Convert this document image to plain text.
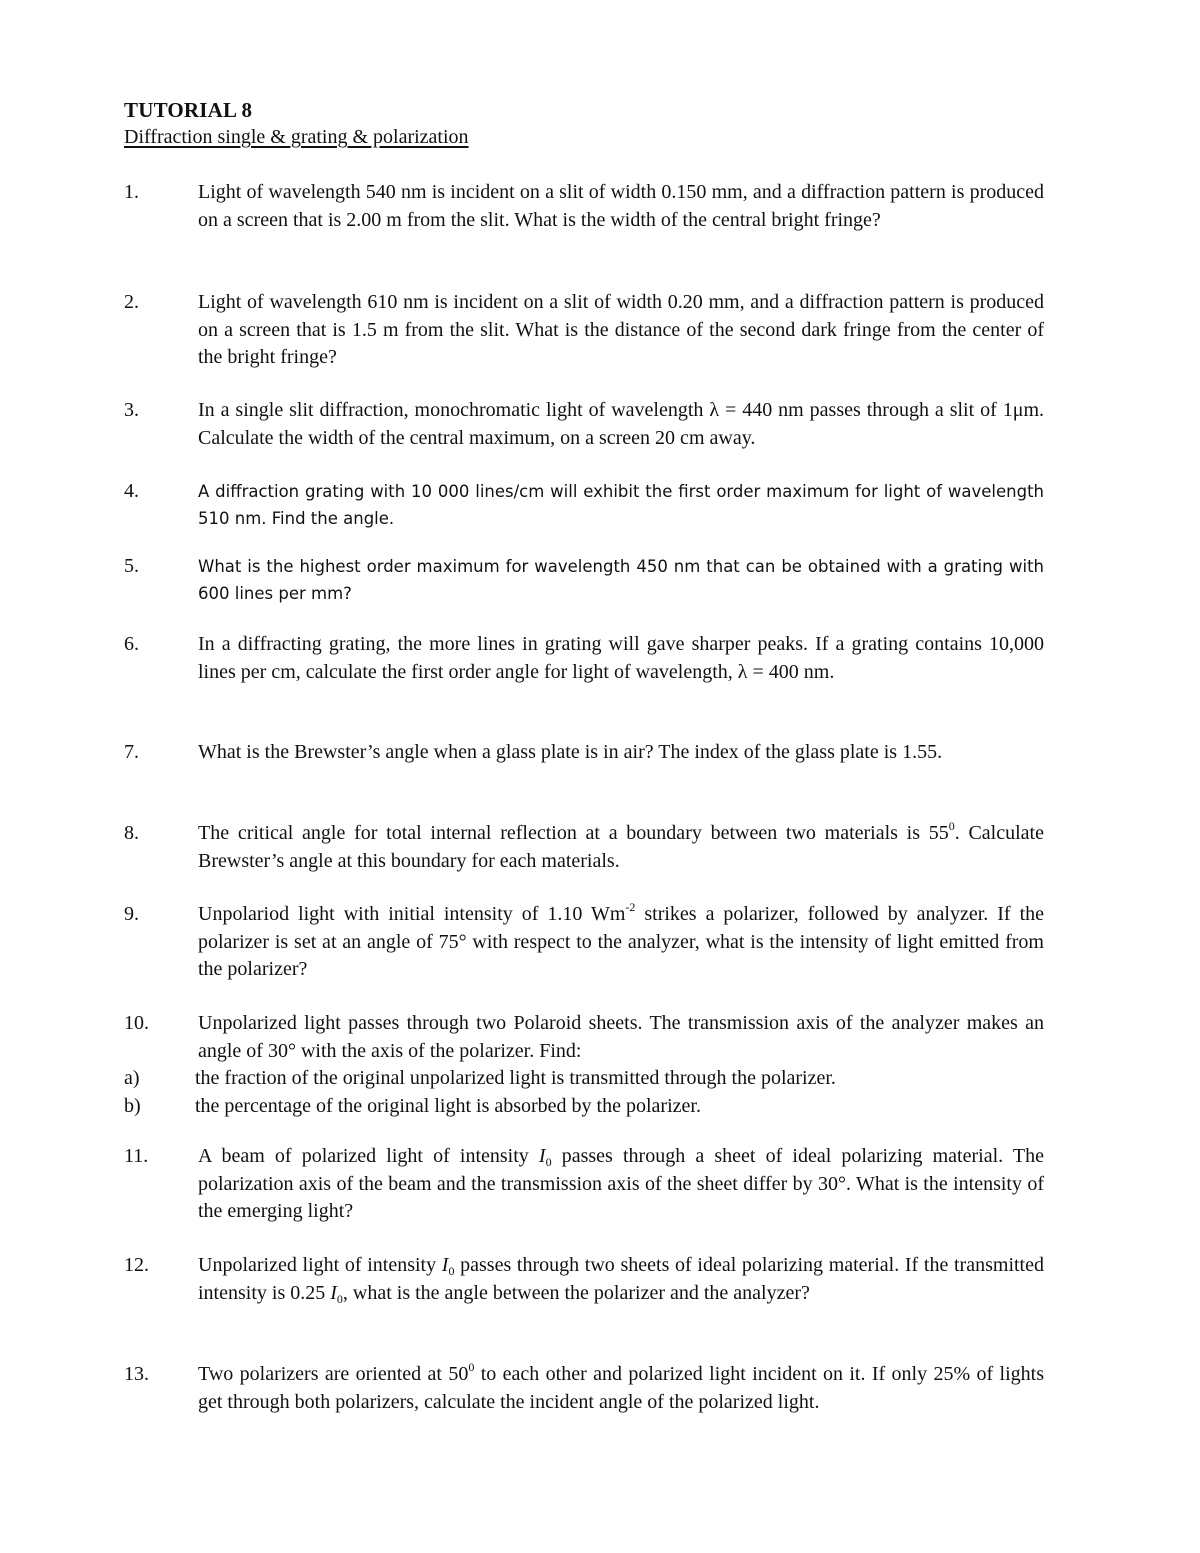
TUTORIAL 8
Diffraction single & grating & polarization
1.	Light of wavelength 540 nm is incident on a slit of width 0.150 mm, and a diffraction pattern is produced on a screen that is 2.00 m from the slit. What is the width of the central bright fringe?
2.	Light of wavelength 610 nm is incident on a slit of width 0.20 mm, and a diffraction pattern is produced on a screen that is 1.5 m from the slit. What is the distance of the second dark fringe from the center of the bright fringe?
3.	In a single slit diffraction, monochromatic light of wavelength λ = 440 nm passes through a slit of 1μm. Calculate the width of the central maximum, on a screen 20 cm away.
4.	A diffraction grating with 10 000 lines/cm will exhibit the first order maximum for light of wavelength 510 nm. Find the angle.
5.	What is the highest order maximum for wavelength 450 nm that can be obtained with a grating with 600 lines per mm?
6.	In a diffracting grating, the more lines in grating will gave sharper peaks. If a grating contains 10,000 lines per cm, calculate the first order angle for light of wavelength, λ = 400 nm.
7.	What is the Brewster’s angle when a glass plate is in air? The index of the glass plate is 1.55.
8.	The critical angle for total internal reflection at a boundary between two materials is $55^0$. Calculate Brewster’s angle at this boundary for each materials.
9.	Unpolariod light with initial intensity of 1.10 $Wm^{-2}$ strikes a polarizer, followed by analyzer. If the polarizer is set at an angle of 75° with respect to the analyzer, what is the intensity of light emitted from the polarizer?
10.	Unpolarized light passes through two Polaroid sheets. The transmission axis of the analyzer makes an angle of 30° with the axis of the polarizer. Find:
a)	the fraction of the original unpolarized light is transmitted through the polarizer.
b)	the percentage of the original light is absorbed by the polarizer.
11.	A beam of polarized light of intensity $I_0$ passes through a sheet of ideal polarizing material. The polarization axis of the beam and the transmission axis of the sheet differ by 30°. What is the intensity of the emerging light?
12.	Unpolarized light of intensity $I_0$ passes through two sheets of ideal polarizing material. If the transmitted intensity is 0.25 $I_0$, what is the angle between the polarizer and the analyzer?
13.	Two polarizers are oriented at $50^0$ to each other and polarized light incident on it. If only 25% of lights get through both polarizers, calculate the incident angle of the polarized light.
